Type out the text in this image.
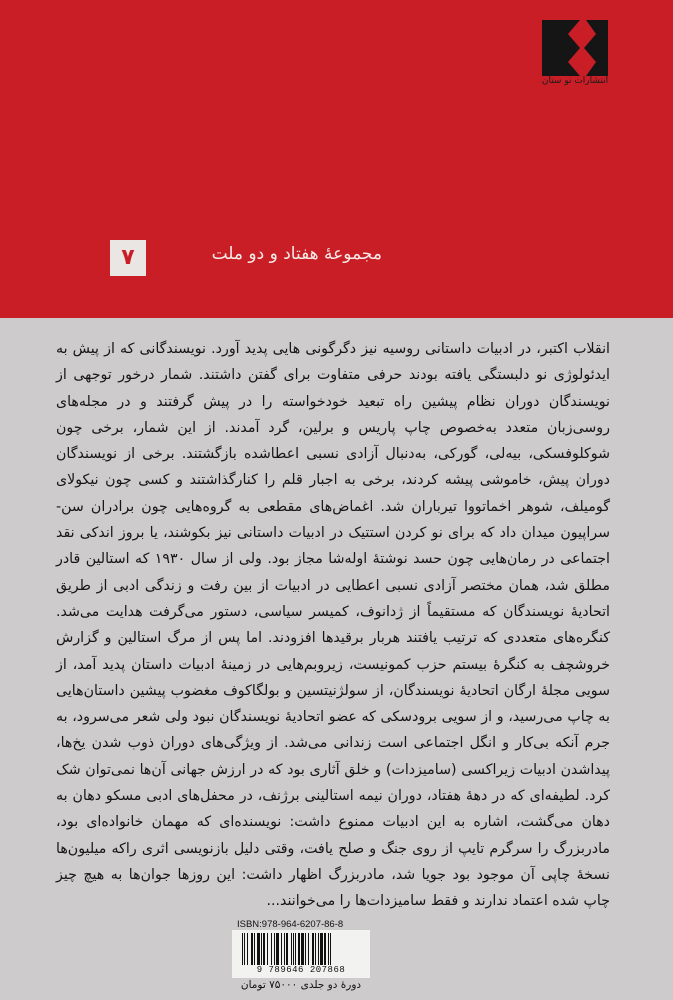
انتشارات نو ستان
۷	مجموعهٔ هفتاد و دو ملت

انقلاب اکتبر، در ادبیات داستانی روسیه نیز دگرگونی هایی پدید آورد. نویسندگانی که از پیش به ایدئولوژی نو دلبستگی یافته بودند حرفی متفاوت برای گفتن داشتند. شمار درخور توجهی از نویسندگان دوران نظام پیشین راه تبعید خودخواسته را در پیش گرفتند و در مجله‌های روسی‌زبان متعدد به‌خصوص چاپ پاریس و برلین، گرد آمدند. از این شمار، برخی چون شوکلوفسکی، بیه‌لی، گورکی، به‌دنبال آزادی نسبی اعطاشده بازگشتند. برخی از نویسندگان دوران پیش، خاموشی پیشه کردند، برخی به اجبار قلم را کنارگذاشتند و کسی چون نیکولای گومیلف، شوهر اخماتووا تیرباران شد. اغماض‌های مقطعی به گروه‌هایی چون برادران سن-سراپیون میدان داد که برای نو کردن استتیک در ادبیات داستانی نیز بکوشند، یا بروز اندکی نقد اجتماعی در رمان‌هایی چون حسد نوشتهٔ اوله‌شا مجاز بود. ولی از سال ۱۹۳۰ که استالین قادر مطلق شد، همان مختصر آزادی نسبی اعطایی در ادبیات از بین رفت و زندگی ادبی از طریق اتحادیهٔ نویسندگان که مستقیماً از ژدانوف، کمیسر سیاسی، دستور می‌گرفت هدایت می‌شد. کنگره‌های متعددی که ترتیب یافتند هربار برقیدها افزودند. اما پس از مرگ استالین و گزارش خروشچف به کنگرهٔ بیستم حزب کمونیست، زیروبم‌هایی در زمینهٔ ادبیات داستان پدید آمد، از سویی مجلهٔ ارگان اتحادیهٔ نویسندگان، از سولژنیتسین و بولگاکوف مغضوب پیشین داستان‌هایی به چاپ می‌رسید، و از سویی برودسکی که عضو اتحادیهٔ نویسندگان نبود ولی شعر می‌سرود، به جرم آنکه بی‌کار و انگل اجتماعی است زندانی می‌شد. از ویژگی‌های دوران ذوب شدن یخ‌ها، پیداشدن ادبیات زیراکسی (ساميزدات) و خلق آثاری بود که در ارزش جهانی آن‌ها نمی‌توان شک کرد. لطیفه‌ای که در دههٔ هفتاد، دوران نیمه استالینی برژنف، در محفل‌های ادبی مسکو دهان به دهان می‌گشت، اشاره به این ادبیات ممنوع داشت: نویسنده‌ای که مهمان خانواده‌ای بود، مادربزرگ را سرگرم تایپ از روی جنگ و صلح یافت، وقتی دلیل بازنویسی اثری راکه میلیون‌ها نسخهٔ چاپی آن موجود بود جویا شد، مادربزرگ اظهار داشت: این روزها جوان‌ها به هیچ چیز چاپ شده اعتماد ندارند و فقط ساميزدات‌ها را می‌خوانند...

ISBN:978-964-6207-86-8
9 789646 207868
دورهٔ دو جلدی ۷۵۰۰۰ تومان
